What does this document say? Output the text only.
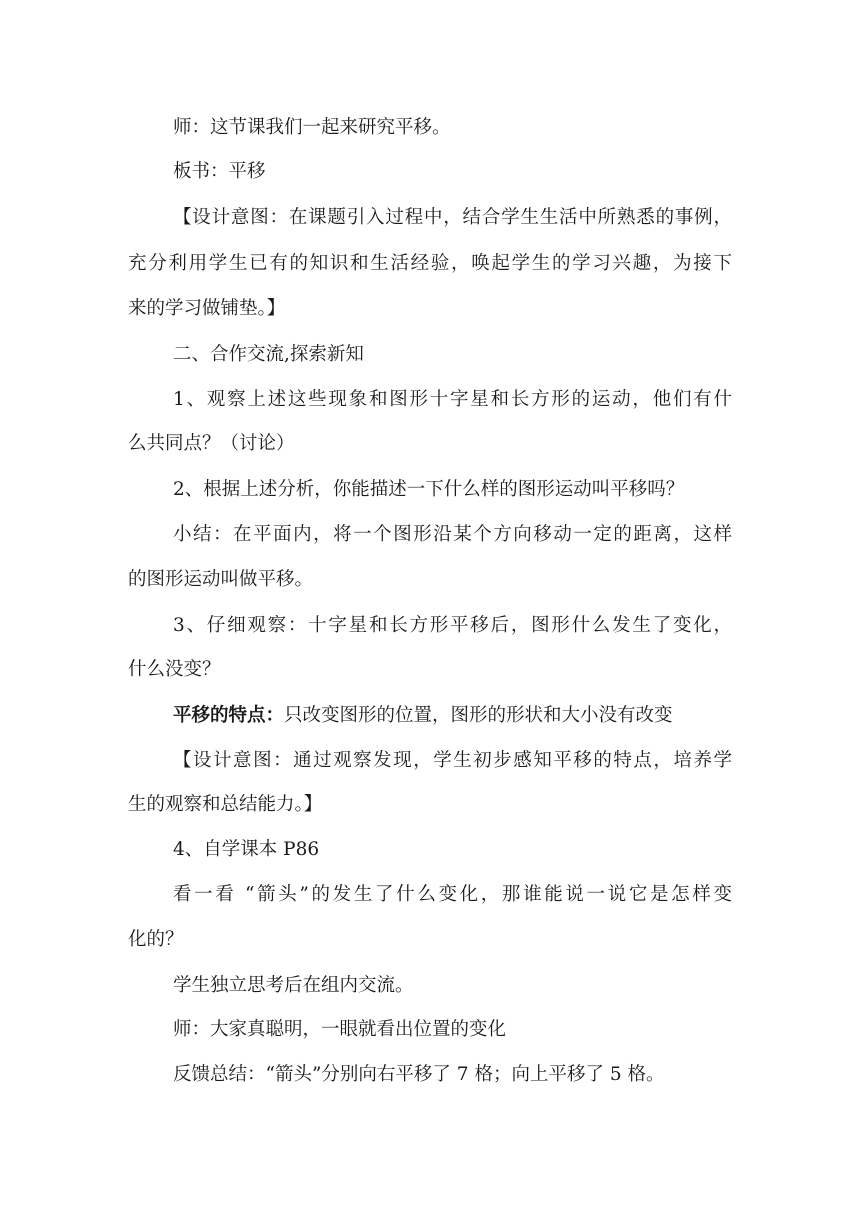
师：这节课我们一起来研究平移。
板书：平移
【设计意图：在课题引入过程中，结合学生生活中所熟悉的事例，
充分利用学生已有的知识和生活经验，唤起学生的学习兴趣，为接下
来的学习做铺垫。】
二、合作交流,探索新知
1、观察上述这些现象和图形十字星和长方形的运动，他们有什
么共同点？（讨论）
2、根据上述分析，你能描述一下什么样的图形运动叫平移吗？
小结：在平面内，将一个图形沿某个方向移动一定的距离，这样
的图形运动叫做平移。
3、仔细观察：十字星和长方形平移后，图形什么发生了变化，
什么没变？
平移的特点：只改变图形的位置，图形的形状和大小没有改变
【设计意图：通过观察发现，学生初步感知平移的特点，培养学
生的观察和总结能力。】
4、自学课本 P86
看一看 “箭头”的发生了什么变化，那谁能说一说它是怎样变
化的？
学生独立思考后在组内交流。
师：大家真聪明，一眼就看出位置的变化
反馈总结：“箭头”分别向右平移了 7 格；向上平移了 5 格。
